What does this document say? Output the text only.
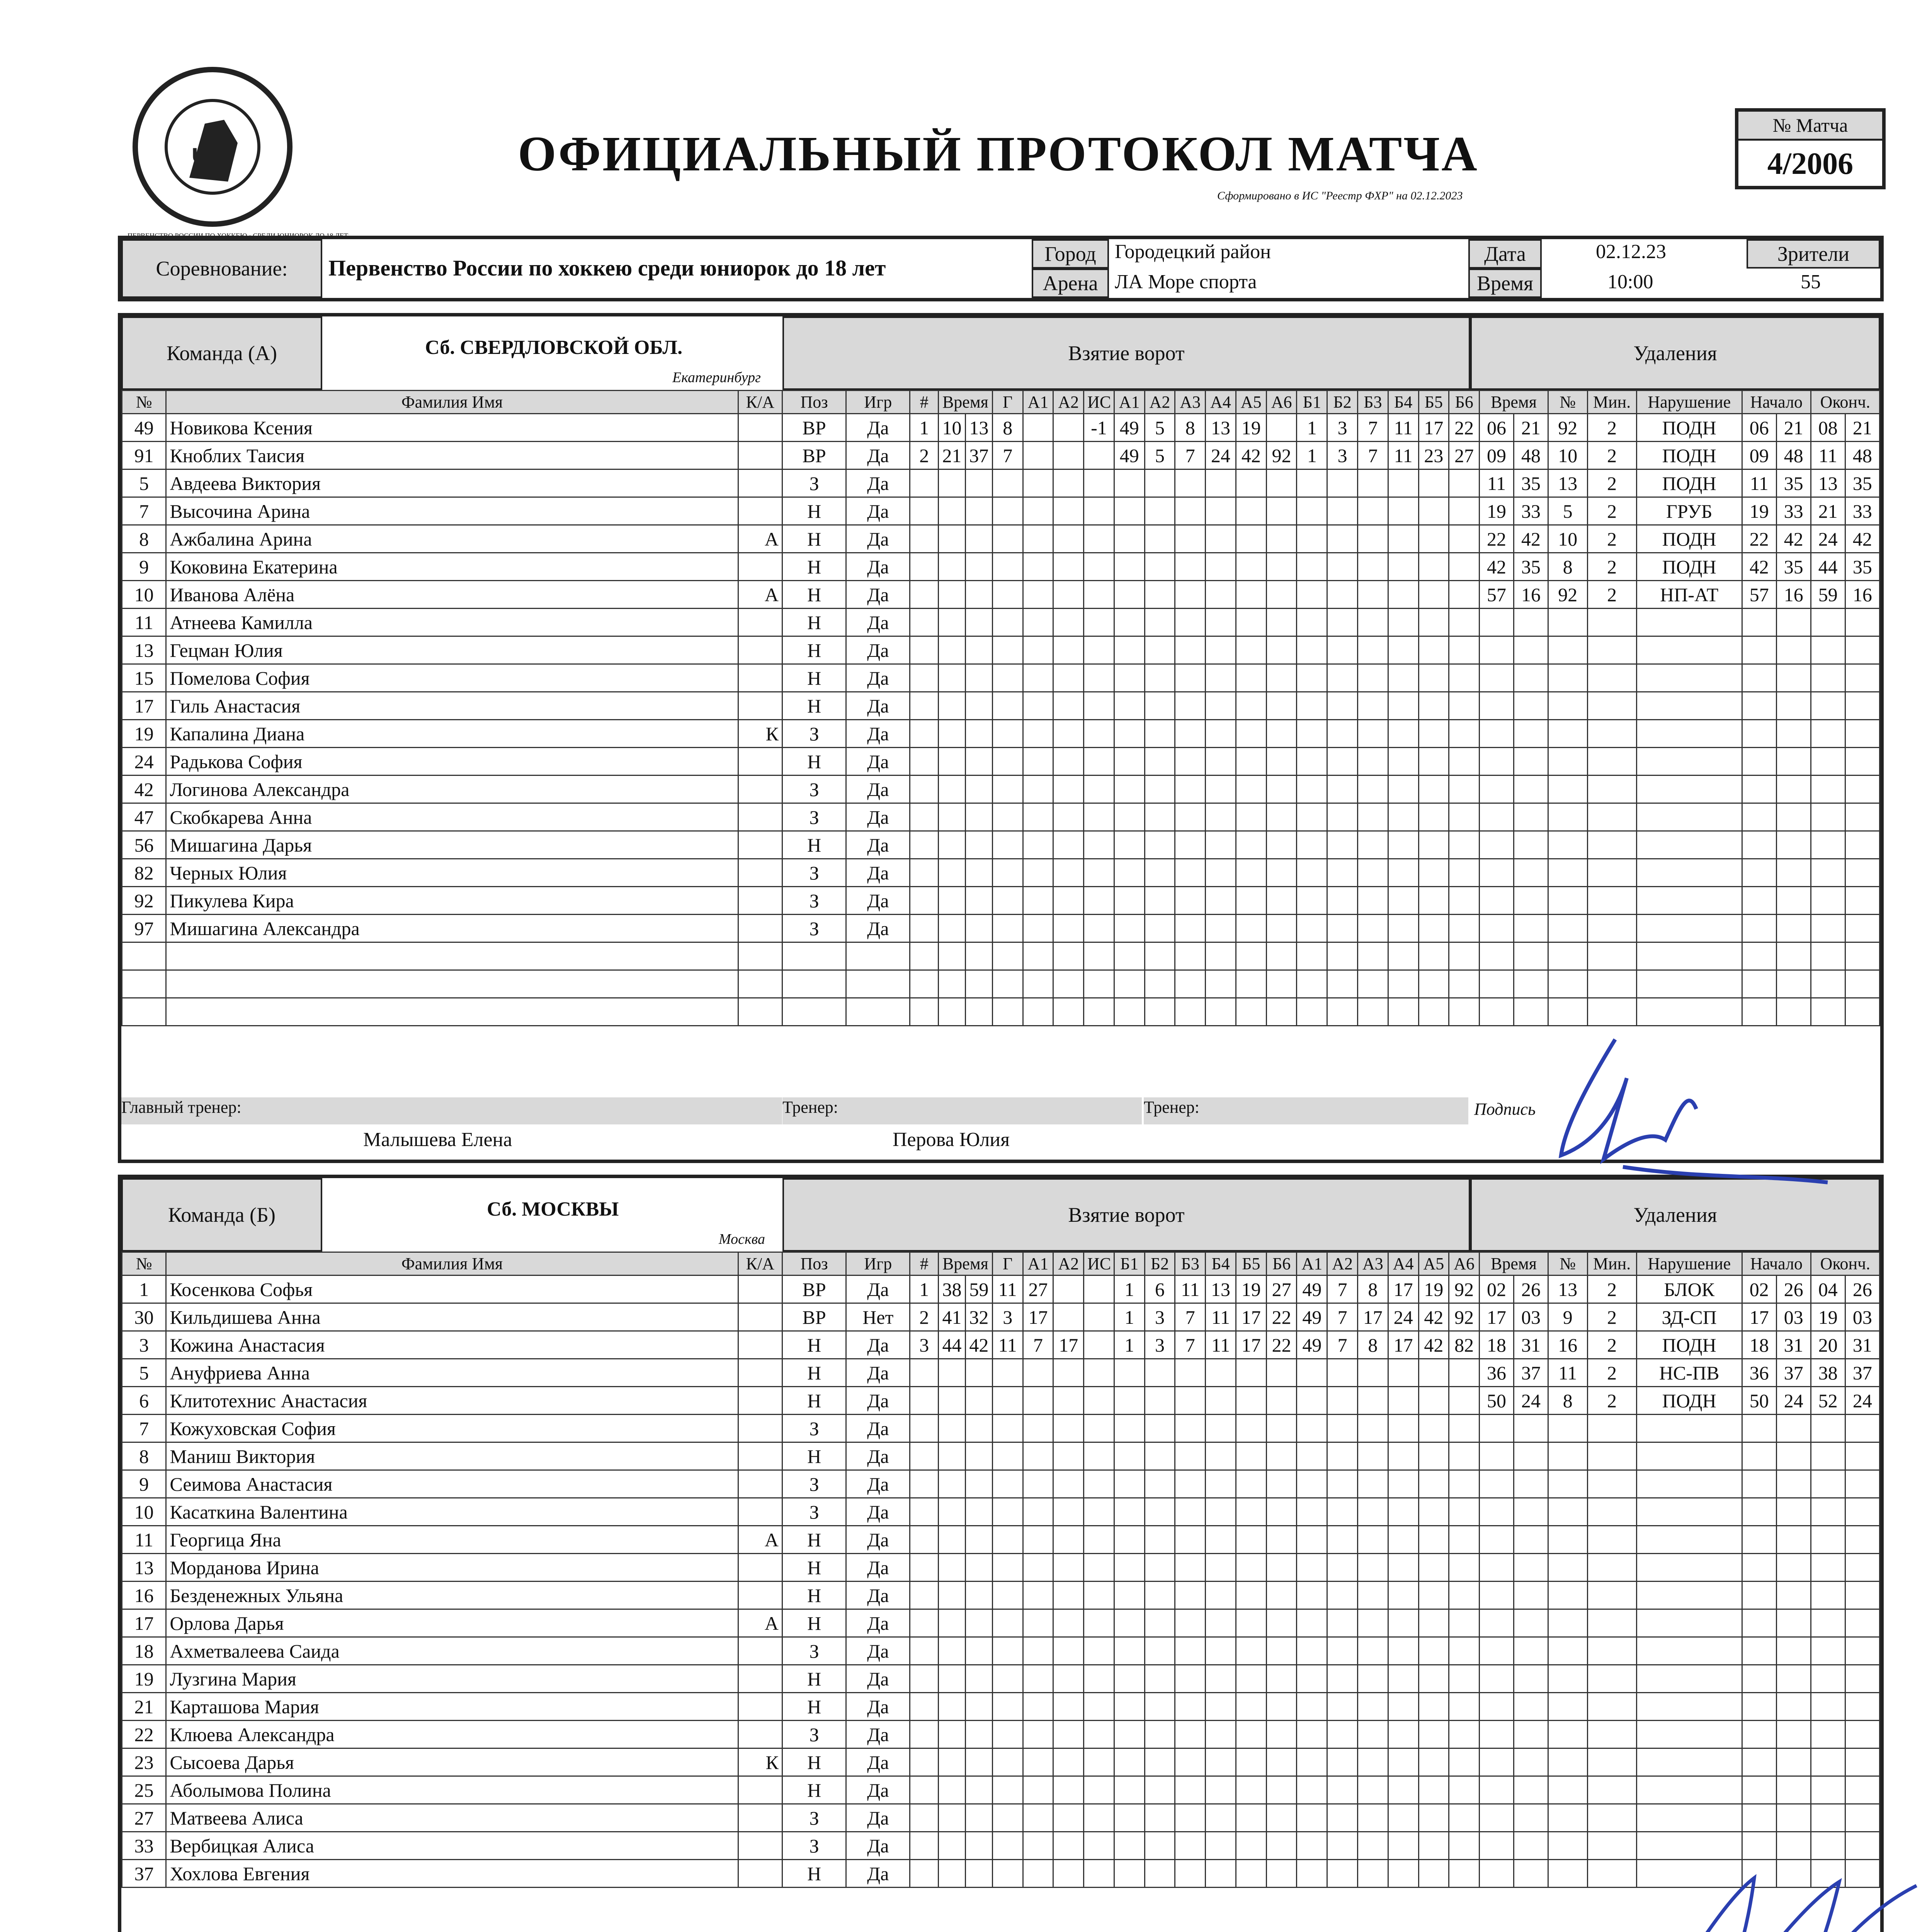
U18	ОФИЦИАЛЬНЫЙ ПРОТОКОЛ МАТЧА
Сформировано в ИС "Реестр ФХР" на 02.12.2023
№ Матча
4/2006
Соревнование:	Первенство России по хоккею среди юниорок до 18 лет
Город Городецкий район
Арена ЛА Море спорта
Дата	02.12.23
Время	10:00
Зрители
55
Команда (А)	Сб. СВЕРДЛОВСКОЙ ОБЛ.
Екатеринбург
Взятие ворот	Удаления
№	Фамилия Имя	К/А	Поз	Игр	#	Время		Г	А1	А2	ИС	А1	А2	А3	А4	А5	А6	Б1	Б2	Б3	Б4	Б5	Б6	Время		№	Мин.	Нарушение	Начало		Оконч.	
49	Новикова Ксения		ВР	Да	1	10	13	8			-1	49	5	8	13	19		1	3	7	11	17	22	06	21	92	2	ПОДН	06	21	08	21
91	Кноблих Таисия		ВР	Да	2	21	37	7				49	5	7	24	42	92	1	3	7	11	23	27	09	48	10	2	ПОДН	09	48	11	48
5	Авдеева Виктория		З	Да																				11	35	13	2	ПОДН	11	35	13	35
7	Высочина Арина		Н	Да																				19	33	5	2	ГРУБ	19	33	21	33
8	Ажбалина Арина	А	Н	Да																				22	42	10	2	ПОДН	22	42	24	42
9	Коковина Екатерина		Н	Да																				42	35	8	2	ПОДН	42	35	44	35
10	Иванова Алёна	А	Н	Да																				57	16	92	2	НП-АТ	57	16	59	16
11	Атнеева Камилла		Н	Да																												
13	Гецман Юлия		Н	Да																												
15	Помелова София		Н	Да																												
17	Гиль Анастасия		Н	Да																												
19	Капалина Диана	К	З	Да																												
24	Радькова София		Н	Да																												
42	Логинова Александра		З	Да																												
47	Скобкарева Анна		З	Да																												
56	Мишагина Дарья		Н	Да																												
82	Черных Юлия		З	Да																												
92	Пикулева Кира		З	Да																												
97	Мишагина Александра		З	Да																												

Главный тренер:
Малышева Елена
Тренер:
Перова Юлия
Тренер:	Подпись
Команда (Б)	Сб. МОСКВЫ
Москва
Взятие ворот	Удаления
№	Фамилия Имя	К/А	Поз	Игр	#	Время		Г	А1	А2	ИС	Б1	Б2	Б3	Б4	Б5	Б6	А1	А2	А3	А4	А5	А6	Время		№	Мин.	Нарушение	Начало		Оконч.	
1	Косенкова Софья		ВР	Да	1	38	59	11	27			1	6	11	13	19	27	49	7	8	17	19	92	02	26	13	2	БЛОК	02	26	04	26
30	Кильдишева Анна		ВР	Нет	2	41	32	3	17			1	3	7	11	17	22	49	7	17	24	42	92	17	03	9	2	ЗД-СП	17	03	19	03
3	Кожина Анастасия		Н	Да	3	44	42	11	7	17		1	3	7	11	17	22	49	7	8	17	42	82	18	31	16	2	ПОДН	18	31	20	31
5	Ануфриева Анна		Н	Да																				36	37	11	2	НС-ПВ	36	37	38	37
6	Клитотехнис Анастасия		Н	Да																				50	24	8	2	ПОДН	50	24	52	24
7	Кожуховская София		З	Да																												
8	Маниш Виктория		Н	Да																												
9	Сеимова Анастасия		З	Да																												
10	Касаткина Валентина		З	Да																												
11	Георгица Яна	А	Н	Да																												
13	Морданова Ирина		Н	Да																												
16	Безденежных Ульяна		Н	Да																												
17	Орлова Дарья	А	Н	Да																												
18	Ахметвалеева Саида		З	Да																												
19	Лузгина Мария		Н	Да																												
21	Карташова Мария		Н	Да																												
22	Клюева Александра		З	Да																												
23	Сысоева Дарья	К	Н	Да																												
25	Аболымова Полина		Н	Да																												
27	Матвеева Алиса		З	Да																												
33	Вербицкая Алиса		З	Да																												
37	Хохлова Евгения		Н	Да																												
